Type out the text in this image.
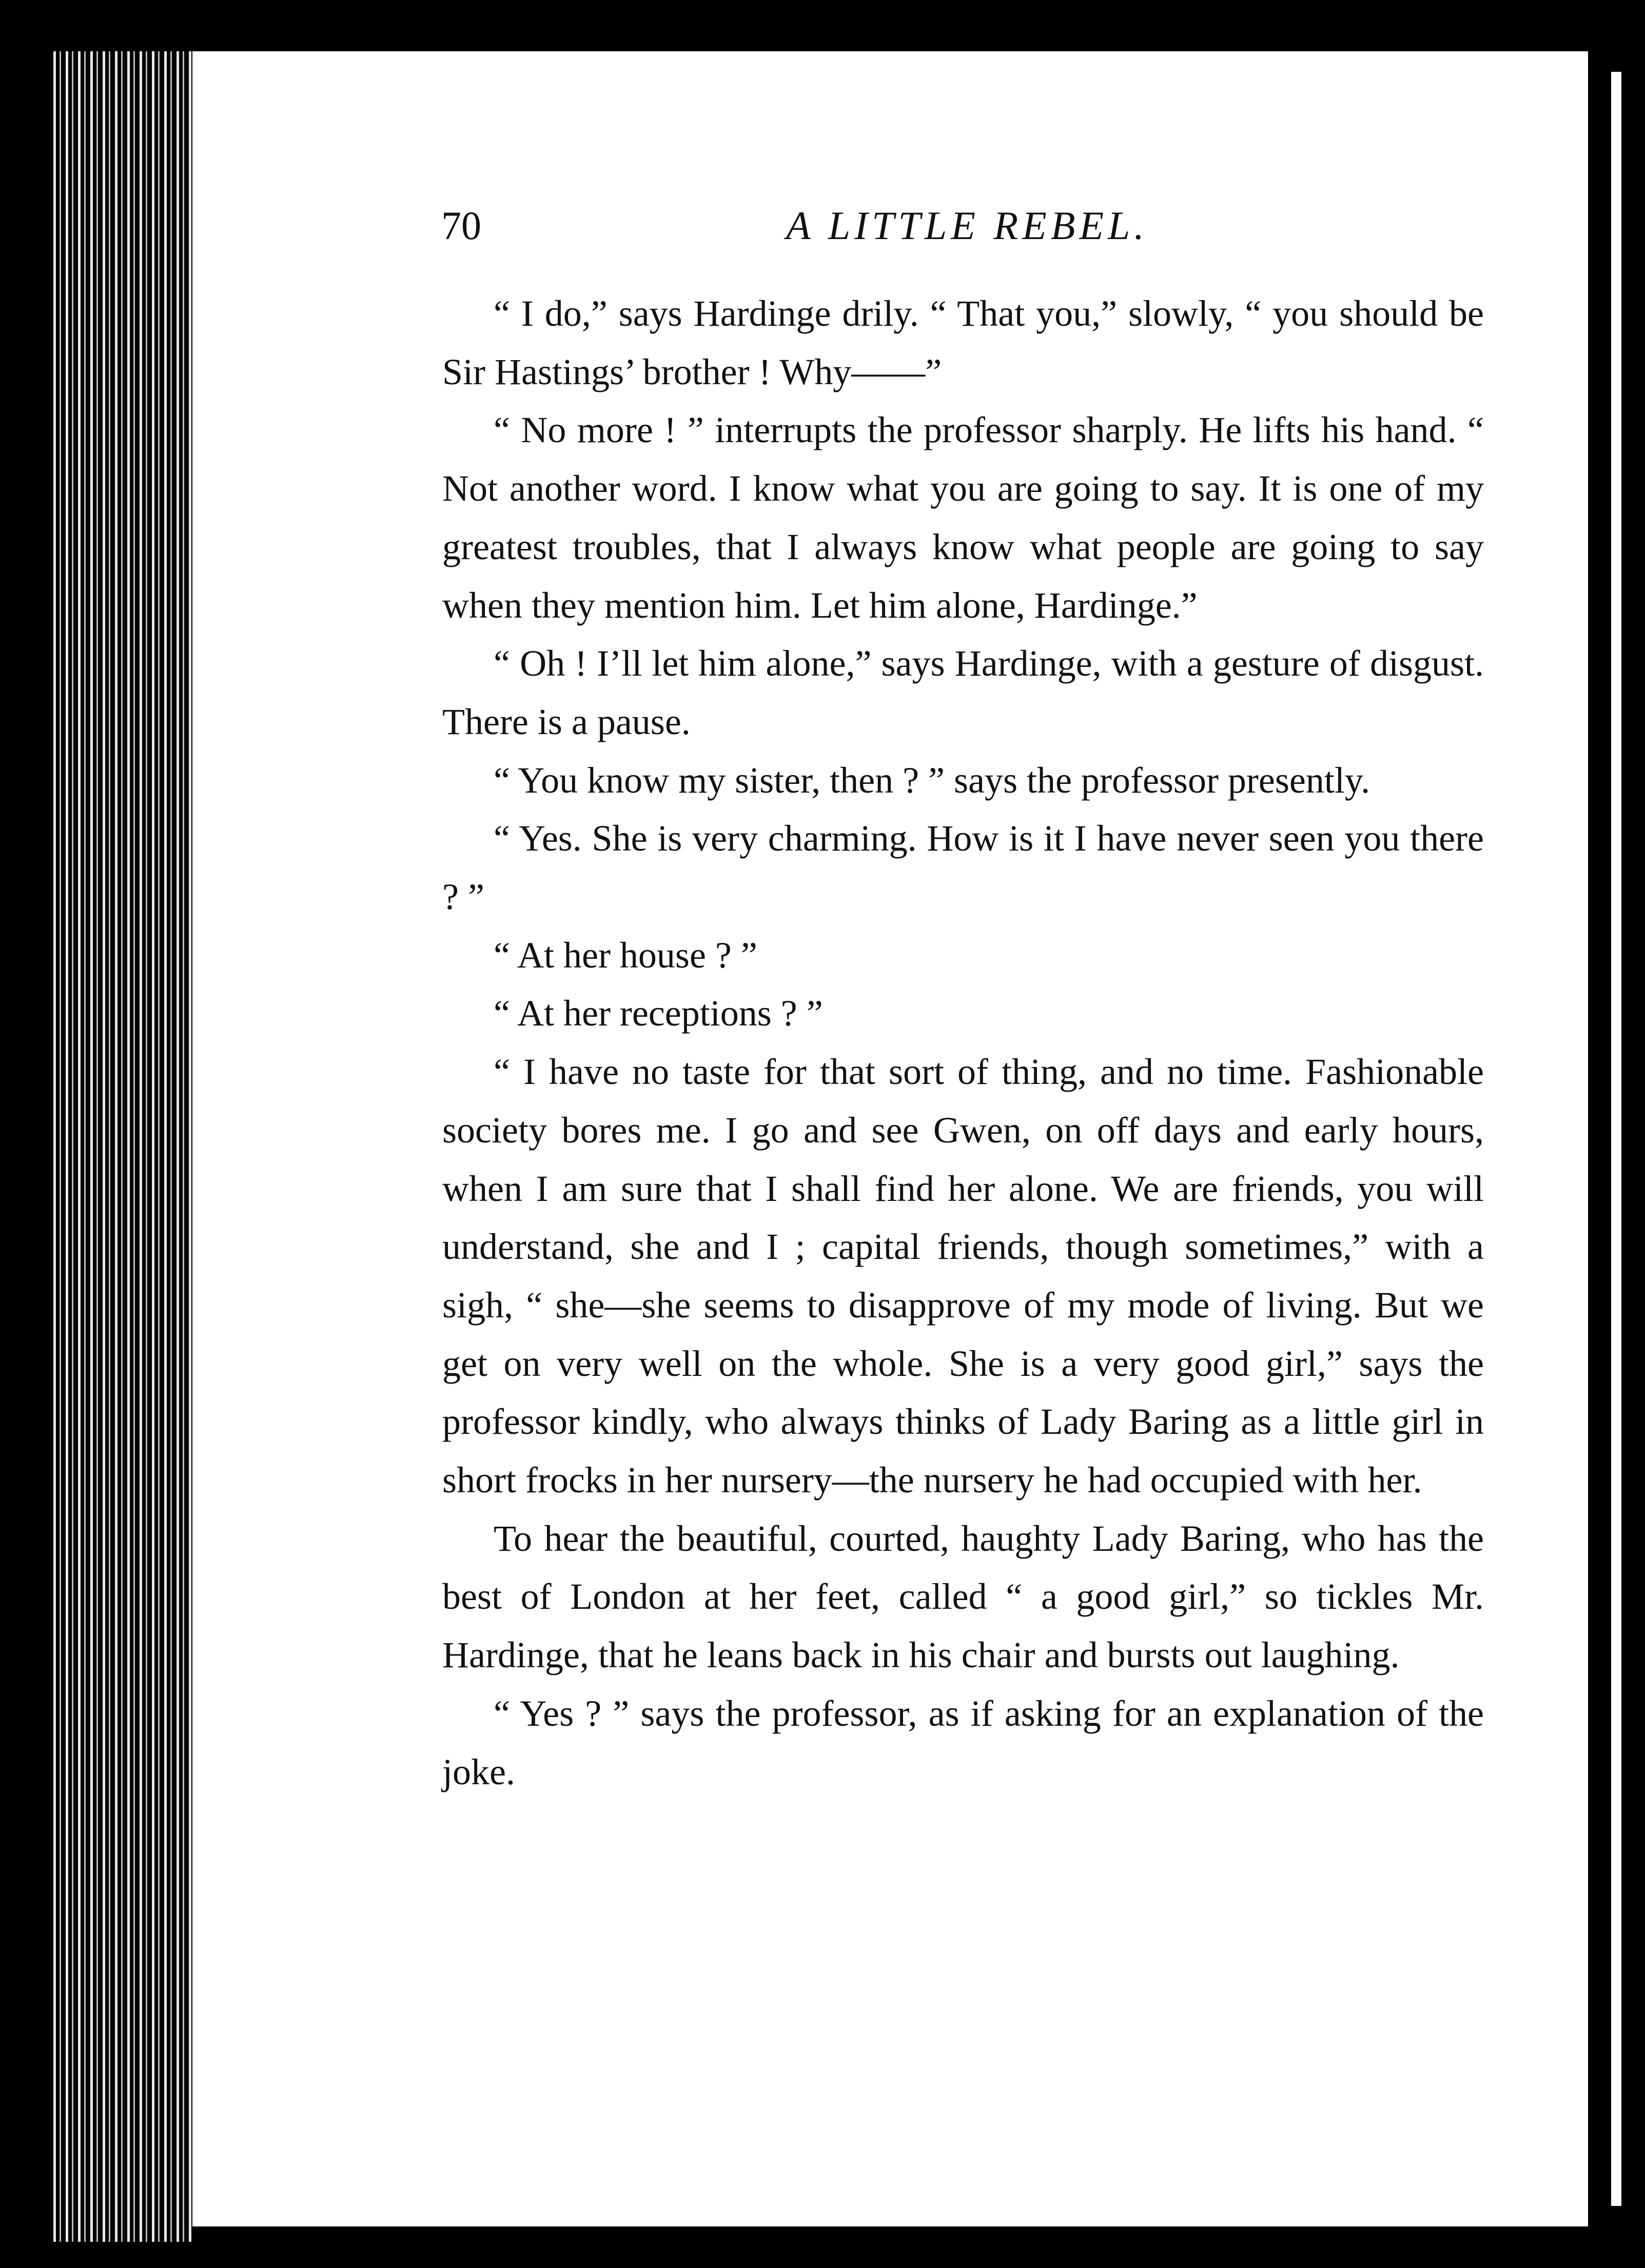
70	A LITTLE REBEL.

“ I do,” says Hardinge drily. “ That you,” slowly, “ you should be Sir Hastings’ brother ! Why——”

“ No more ! ” interrupts the professor sharply. He lifts his hand. “ Not another word. I know what you are going to say. It is one of my greatest troubles, that I always know what people are going to say when they mention him. Let him alone, Hardinge.”

“ Oh ! I’ll let him alone,” says Hardinge, with a gesture of disgust. There is a pause.

“ You know my sister, then ? ” says the professor presently.

“ Yes. She is very charming. How is it I have never seen you there ? ”

“ At her house ? ”

“ At her receptions ? ”

“ I have no taste for that sort of thing, and no time. Fashionable society bores me. I go and see Gwen, on off days and early hours, when I am sure that I shall find her alone. We are friends, you will understand, she and I ; capital friends, though sometimes,” with a sigh, “ she—she seems to disapprove of my mode of living. But we get on very well on the whole. She is a very good girl,” says the professor kindly, who always thinks of Lady Baring as a little girl in short frocks in her nursery—the nursery he had occupied with her.

To hear the beautiful, courted, haughty Lady Baring, who has the best of London at her feet, called “ a good girl,” so tickles Mr. Hardinge, that he leans back in his chair and bursts out laughing.

“ Yes ? ” says the professor, as if asking for an explanation of the joke.
